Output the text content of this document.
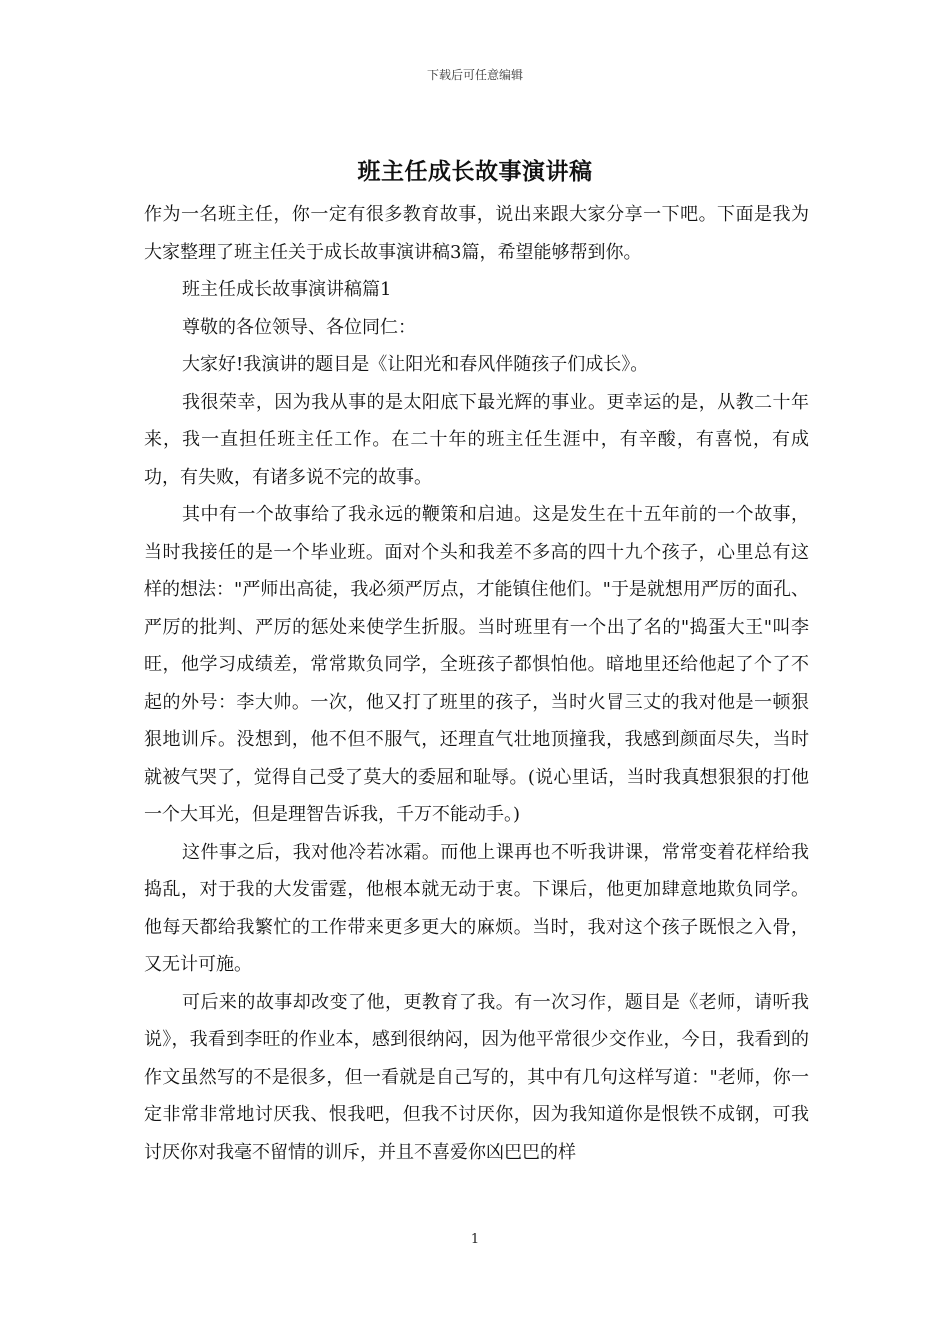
下载后可任意编辑
班主任成长故事演讲稿

作为一名班主任，你一定有很多教育故事，说出来跟大家分享一下吧。下面是我为大家整理了班主任关于成长故事演讲稿3篇，希望能够帮到你。

班主任成长故事演讲稿篇1

尊敬的各位领导、各位同仁：

大家好!我演讲的题目是《让阳光和春风伴随孩子们成长》。

我很荣幸，因为我从事的是太阳底下最光辉的事业。更幸运的是，从教二十年来，我一直担任班主任工作。在二十年的班主任生涯中，有辛酸，有喜悦，有成功，有失败，有诸多说不完的故事。

其中有一个故事给了我永远的鞭策和启迪。这是发生在十五年前的一个故事，当时我接任的是一个毕业班。面对个头和我差不多高的四十九个孩子，心里总有这样的想法："严师出高徒，我必须严厉点，才能镇住他们。"于是就想用严厉的面孔、严厉的批判、严厉的惩处来使学生折服。当时班里有一个出了名的"捣蛋大王"叫李旺，他学习成绩差，常常欺负同学，全班孩子都惧怕他。暗地里还给他起了个了不起的外号：李大帅。一次，他又打了班里的孩子，当时火冒三丈的我对他是一顿狠狠地训斥。没想到，他不但不服气，还理直气壮地顶撞我，我感到颜面尽失，当时就被气哭了，觉得自己受了莫大的委屈和耻辱。(说心里话，当时我真想狠狠的打他一个大耳光，但是理智告诉我，千万不能动手。)

这件事之后，我对他冷若冰霜。而他上课再也不听我讲课，常常变着花样给我捣乱，对于我的大发雷霆，他根本就无动于衷。下课后，他更加肆意地欺负同学。他每天都给我繁忙的工作带来更多更大的麻烦。当时，我对这个孩子既恨之入骨，又无计可施。

可后来的故事却改变了他，更教育了我。有一次习作，题目是《老师，请听我说》，我看到李旺的作业本，感到很纳闷，因为他平常很少交作业，今日，我看到的作文虽然写的不是很多，但一看就是自己写的，其中有几句这样写道："老师，你一定非常非常地讨厌我、恨我吧，但我不讨厌你，因为我知道你是恨铁不成钢，可我讨厌你对我毫不留情的训斥，并且不喜爱你凶巴巴的样

1
